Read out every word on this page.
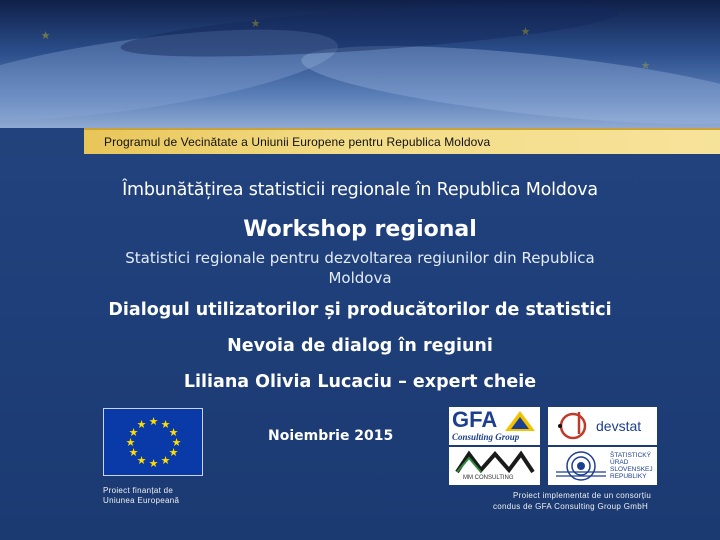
★
★
★
★
Programul de Vecinătate a Uniunii Europene pentru Republica Moldova
Îmbunătățirea statisticii regionale în Republica Moldova
Workshop regional
Statistici regionale pentru dezvoltarea regiunilor din Republica
Moldova
Dialogul utilizatorilor și producătorilor de statistici
Nevoia de dialog în regiuni
Liliana Olivia Lucaciu – expert cheie
★ ★
★
★
★
★
★
★
★
★
★
★
Noiembrie 2015
Proiect finanțat de
Uniunea Europeană
GFA
Consulting Group
devstat
MM CONSULTING
ŠTATISTICKÝ
ÚRAD
SLOVENSKEJ
REPUBLIKY
Proiect implementat de un consorțiu
condus de GFA Consulting Group GmbH
